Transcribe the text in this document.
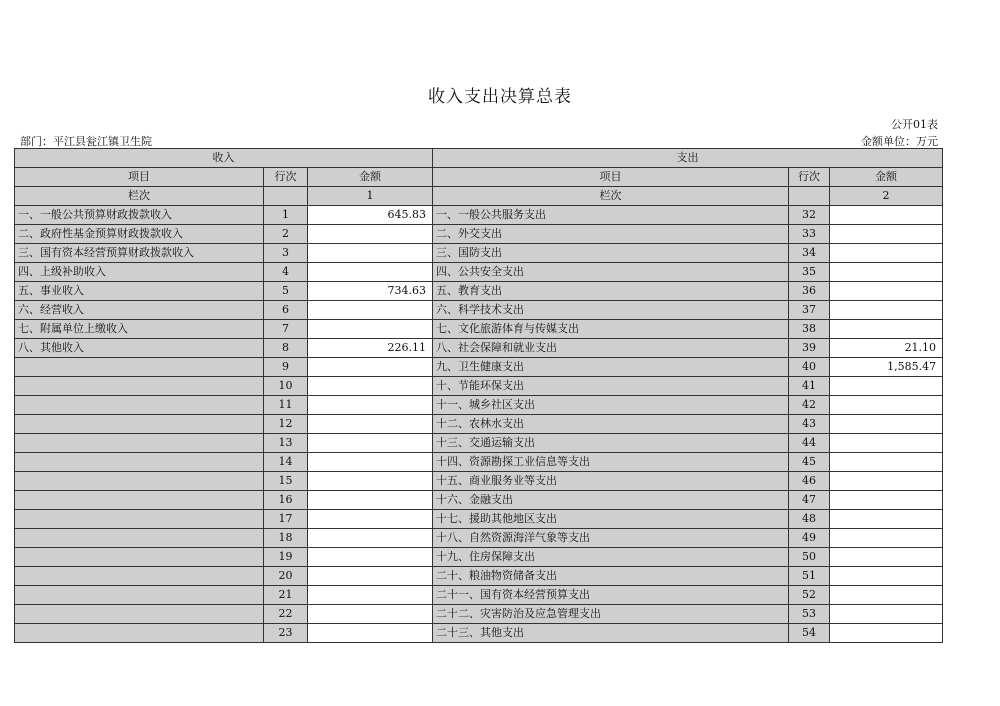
收入支出决算总表
公开01表
部门：平江县瓮江镇卫生院	金额单位：万元
收入			支出		
项目	行次	金额	项目	行次	金额
栏次		1	栏次		2
一、一般公共预算财政拨款收入	1	645.83	一、一般公共服务支出	32	
二、政府性基金预算财政拨款收入	2		二、外交支出	33	
三、国有资本经营预算财政拨款收入	3		三、国防支出	34	
四、上级补助收入	4		四、公共安全支出	35	
五、事业收入	5	734.63	五、教育支出	36	
六、经营收入	6		六、科学技术支出	37	
七、附属单位上缴收入	7		七、文化旅游体育与传媒支出	38	
八、其他收入	8	226.11	八、社会保障和就业支出	39	21.10
	9		九、卫生健康支出	40	1,585.47
	10		十、节能环保支出	41	
	11		十一、城乡社区支出	42	
	12		十二、农林水支出	43	
	13		十三、交通运输支出	44	
	14		十四、资源勘探工业信息等支出	45	
	15		十五、商业服务业等支出	46	
	16		十六、金融支出	47	
	17		十七、援助其他地区支出	48	
	18		十八、自然资源海洋气象等支出	49	
	19		十九、住房保障支出	50	
	20		二十、粮油物资储备支出	51	
	21		二十一、国有资本经营预算支出	52	
	22		二十二、灾害防治及应急管理支出	53	
	23		二十三、其他支出	54	
